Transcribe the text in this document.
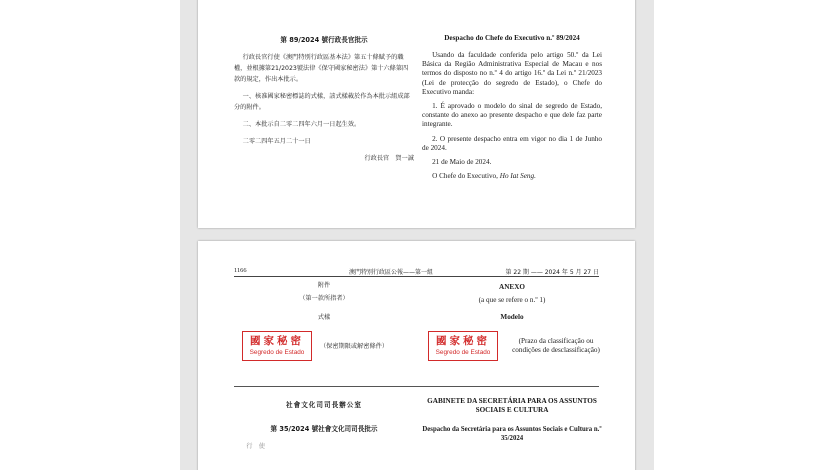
第 89/2024 號行政長官批示

行政長官行使《澳門特別行政區基本法》第五十條賦予的職權，並根據第21/2023號法律《保守國家秘密法》第十六條第四款的規定，作出本批示。

一、核准國家秘密標誌的式樣，該式樣載於作為本批示組成部分的附件。

二、本批示自二零二四年六月一日起生效。

二零二四年五月二十一日

行政長官　賀一誠

Despacho do Chefe do Executivo n.º 89/2024

Usando da faculdade conferida pelo artigo 50.º da Lei Básica da Região Administrativa Especial de Macau e nos termos do disposto no n.º 4 do artigo 16.º da Lei n.º 21/2023 (Lei de protecção do segredo de Estado), o Chefe do Executivo manda:

1. É aprovado o modelo do sinal de segredo de Estado, constante do anexo ao presente despacho e que dele faz parte integrante.

2. O presente despacho entra em vigor no dia 1 de Junho de 2024.

21 de Maio de 2024.

O Chefe do Executivo, Ho Iat Seng.

1166	澳門特別行政區公報——第一組	第 22 期 —— 2024 年 5 月 27 日
附件
（第一款所指者）
式樣
ANEXO
(a que se refere o n.º 1)
Modelo
國家秘密
Segredo de Estado
（保密期限或解密條件）	國家秘密
Segredo de Estado
(Prazo da classificação ou condições de desclassificação)
社會文化司司長辦公室
第 35/2024 號社會文化司司長批示
　　行　使　　　　　　　　　　　　　　　　　　
GABINETE DA SECRETÁRIA PARA OS ASSUNTOS SOCIAIS E CULTURA
Despacho da Secretária para os Assuntos Sociais e Cultura n.º 35/2024
